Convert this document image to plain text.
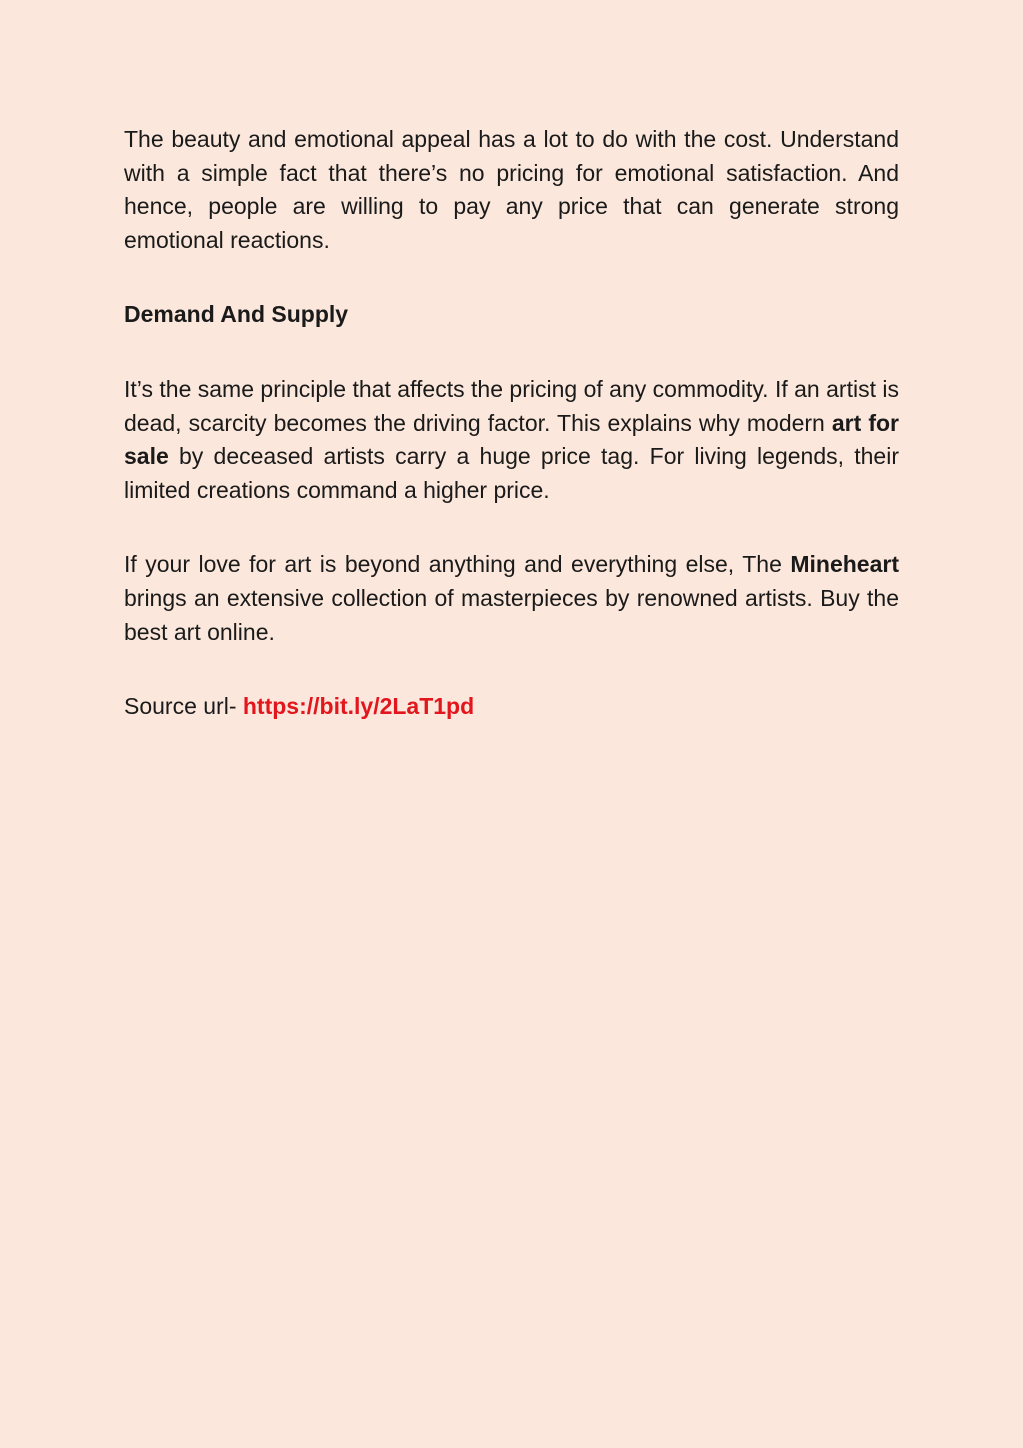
The beauty and emotional appeal has a lot to do with the cost. Understand with a simple fact that there’s no pricing for emotional satisfaction. And hence, people are willing to pay any price that can generate strong emotional reactions.

Demand And Supply

It’s the same principle that affects the pricing of any commodity. If an artist is dead, scarcity becomes the driving factor. This explains why modern art for sale by deceased artists carry a huge price tag. For living legends, their limited creations command a higher price.

If your love for art is beyond anything and everything else, The Mineheart brings an extensive collection of masterpieces by renowned artists. Buy the best art online.

Source url- https://bit.ly/2LaT1pd
